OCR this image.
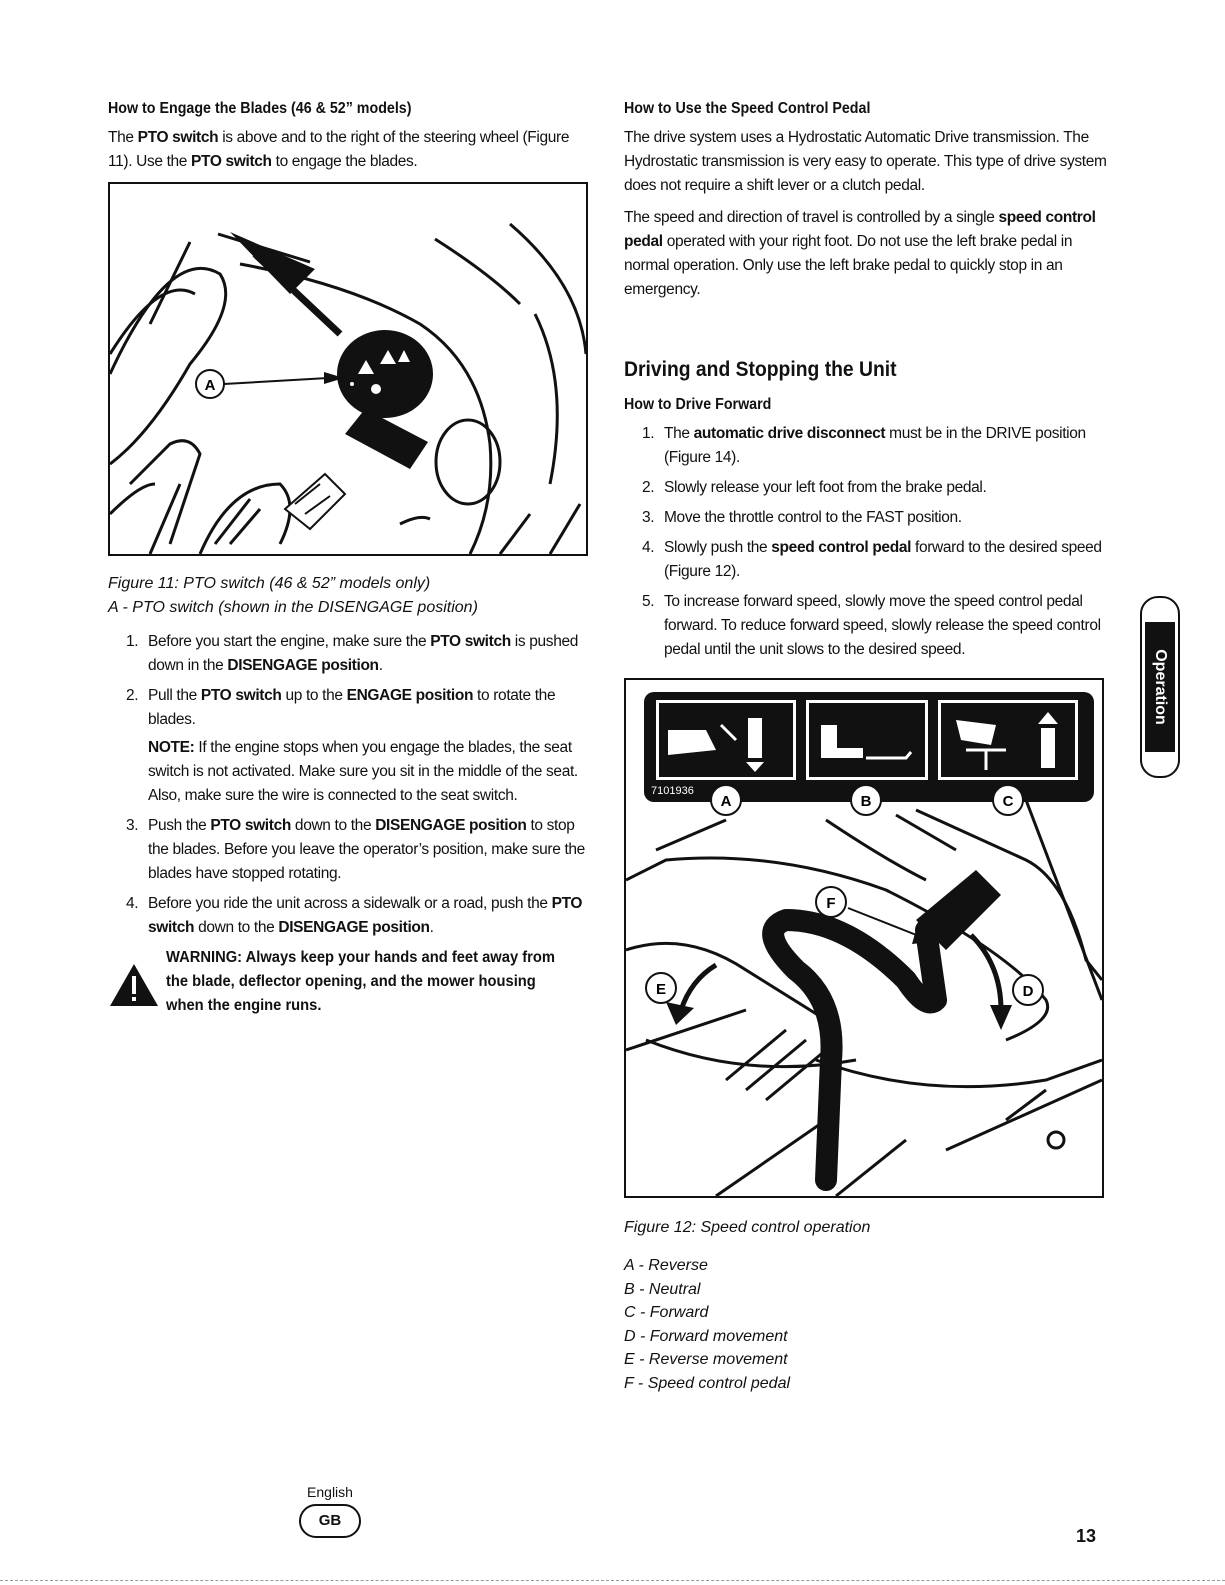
How to Engage the Blades (46 & 52” models)

The PTO switch is above and to the right of the steering wheel (Figure 11). Use the PTO switch to engage the blades.

A

Figure 11: PTO switch (46 & 52” models only)

A - PTO switch (shown in the DISENGAGE position)

1. Before you start the engine, make sure the PTO switch is pushed down in the DISENGAGE position.
2. Pull the PTO switch up to the ENGAGE position to rotate the blades.
NOTE: If the engine stops when you engage the blades, the seat switch is not activated. Make sure you sit in the middle of the seat. Also, make sure the wire is connected to the seat switch.
3. Push the PTO switch down to the DISENGAGE position to stop the blades. Before you leave the operator’s position, make sure the blades have stopped rotating.
4. Before you ride the unit across a sidewalk or a road, push the PTO switch down to the DISENGAGE position.

WARNING: Always keep your hands and feet away from the blade, deflector opening, and the mower housing when the engine runs.

How to Use the Speed Control Pedal

The drive system uses a Hydrostatic Automatic Drive transmission. The Hydrostatic transmission is very easy to operate. This type of drive system does not require a shift lever or a clutch pedal.

The speed and direction of travel is controlled by a single speed control pedal operated with your right foot. Do not use the left brake pedal in normal operation. Only use the left brake pedal to quickly stop in an emergency.

Driving and Stopping the Unit
How to Drive Forward
1. The automatic drive disconnect must be in the DRIVE position (Figure 14).
2. Slowly release your left foot from the brake pedal.
3. Move the throttle control to the FAST position.
4. Slowly push the speed control pedal forward to the desired speed (Figure 12).
5. To increase forward speed, slowly move the speed control pedal forward. To reduce forward speed, slowly release the speed control pedal until the unit slows to the desired speed.
7101936
A	B	C
F
E	D

Figure 12: Speed control operation

A - Reverse
B - Neutral
C - Forward
D - Forward movement
E - Reverse movement
F - Speed control pedal
Operation
English
GB
13
